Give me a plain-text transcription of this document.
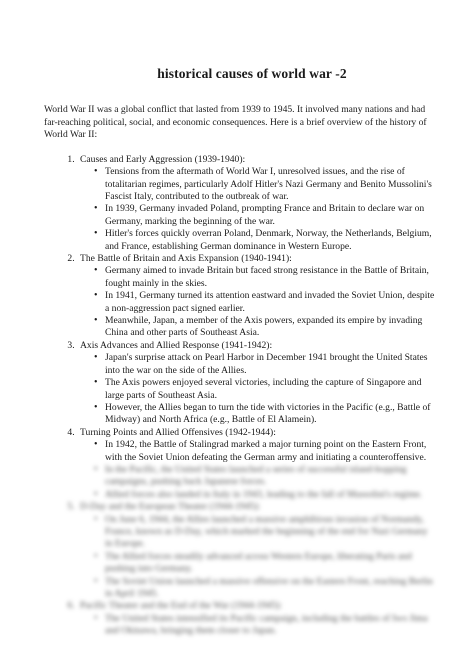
historical causes of world war -2

World War II was a global conflict that lasted from 1939 to 1945. It involved many nations and had far-reaching political, social, and economic consequences. Here is a brief overview of the history of World War II:

1. Causes and Early Aggression (1939-1940):
• Tensions from the aftermath of World War I, unresolved issues, and the rise of totalitarian regimes, particularly Adolf Hitler's Nazi Germany and Benito Mussolini's Fascist Italy, contributed to the outbreak of war.
• In 1939, Germany invaded Poland, prompting France and Britain to declare war on Germany, marking the beginning of the war.
• Hitler's forces quickly overran Poland, Denmark, Norway, the Netherlands, Belgium, and France, establishing German dominance in Western Europe.
2. The Battle of Britain and Axis Expansion (1940-1941):
• Germany aimed to invade Britain but faced strong resistance in the Battle of Britain, fought mainly in the skies.
• In 1941, Germany turned its attention eastward and invaded the Soviet Union, despite a non-aggression pact signed earlier.
• Meanwhile, Japan, a member of the Axis powers, expanded its empire by invading China and other parts of Southeast Asia.
3. Axis Advances and Allied Response (1941-1942):
• Japan's surprise attack on Pearl Harbor in December 1941 brought the United States into the war on the side of the Allies.
• The Axis powers enjoyed several victories, including the capture of Singapore and large parts of Southeast Asia.
• However, the Allies began to turn the tide with victories in the Pacific (e.g., Battle of Midway) and North Africa (e.g., Battle of El Alamein).
4. Turning Points and Allied Offensives (1942-1944):
• In 1942, the Battle of Stalingrad marked a major turning point on the Eastern Front, with the Soviet Union defeating the German army and initiating a counteroffensive.
• In the Pacific, the United States launched a series of successful island-hopping campaigns, pushing back Japanese forces.
• Allied forces also landed in Italy in 1943, leading to the fall of Mussolini's regime.
5. D-Day and the European Theater (1944-1945):
• On June 6, 1944, the Allies launched a massive amphibious invasion of Normandy, France, known as D-Day, which marked the beginning of the end for Nazi Germany in Europe.
• The Allied forces steadily advanced across Western Europe, liberating Paris and pushing into Germany.
• The Soviet Union launched a massive offensive on the Eastern Front, reaching Berlin in April 1945.
6. Pacific Theater and the End of the War (1944-1945):
• The United States intensified its Pacific campaign, including the battles of Iwo Jima and Okinawa, bringing them closer to Japan.
